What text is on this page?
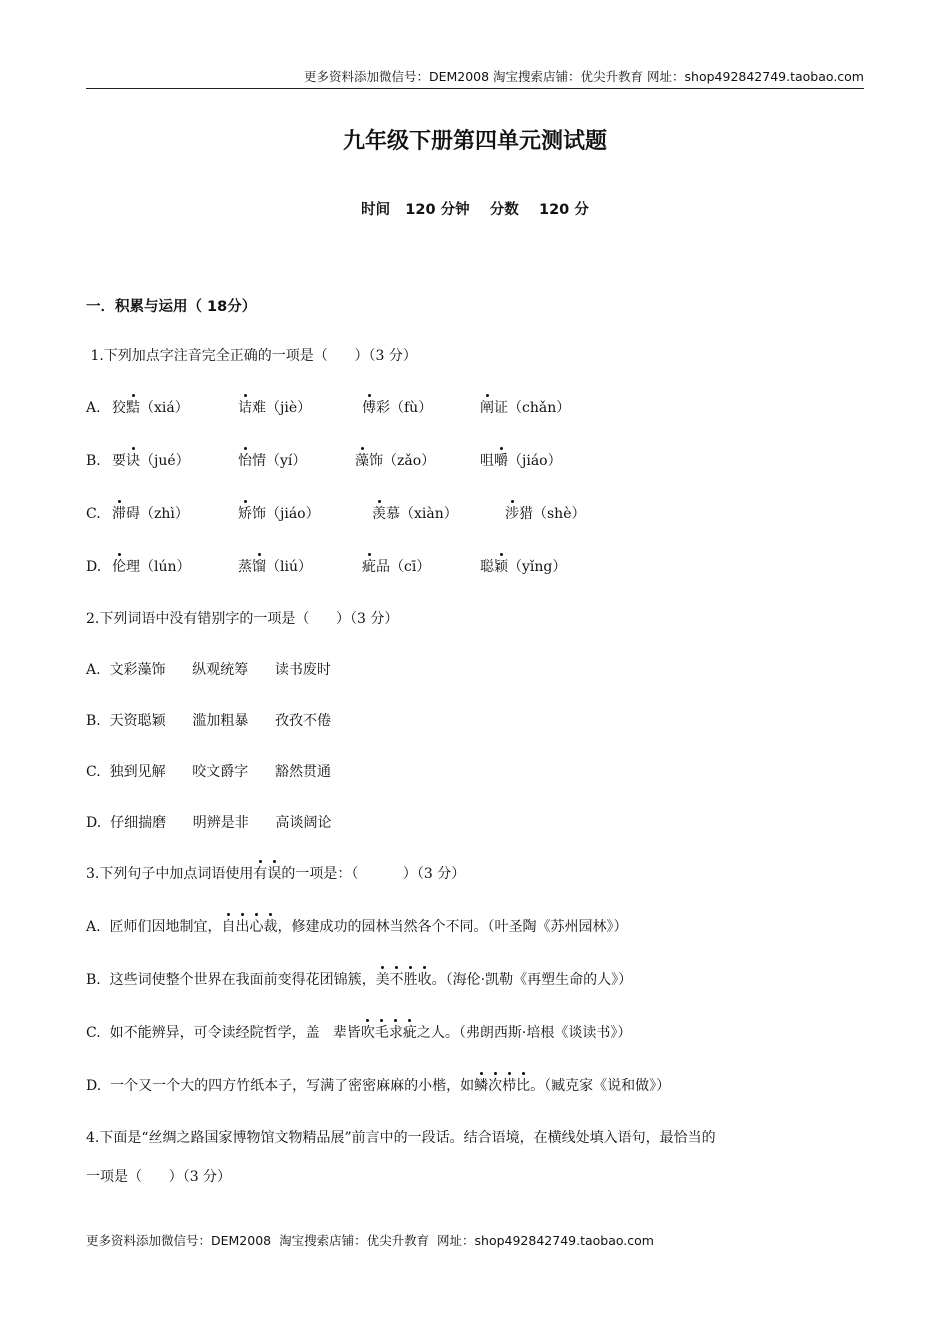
更多资料添加微信号：DEM2008 淘宝搜索店铺：优尖升教育 网址：shop492842749.taobao.com
九年级下册第四单元测试题
时间   120 分钟    分数    120 分
一．积累与运用（ 18分）
1.下列加点字注音完全正确的一项是（      ）（3 分）
A. 狡黠（xiá）	诘难（jiè）	傅彩（fù）	阐证（chǎn）
B. 要诀（jué）	怡情（yí）	藻饰（zǎo）	咀嚼（jiáo）
C. 滞碍（zhì）	矫饰（jiáo）	羡慕（xiàn）	涉猎（shè）
D. 伦理（lún）	蒸馏（liú）	疵品（cī）	聪颖（yǐng）
2.下列词语中没有错别字的一项是（      ）（3 分）
A.  文彩藻饰      纵观统筹      读书废时
B.  天资聪颖      滥加粗暴      孜孜不倦
C.  独到见解      咬文爵字      豁然贯通
D.  仔细揣磨      明辨是非      高谈阔论
3.下列句子中加点词语使用有误的一项是：（          ）（3 分）
A.  匠师们因地制宜，自出心裁，修建成功的园林当然各个不同。（叶圣陶《苏州园林》）
B.  这些词使整个世界在我面前变得花团锦簇，美不胜收。（海伦·凯勒《再塑生命的人》）
C.  如不能辨异，可令读经院哲学，盖   辈皆吹毛求疵之人。（弗朗西斯·培根《谈读书》）
D.  一个又一个大的四方竹纸本子，写满了密密麻麻的小楷，如鳞次栉比。（臧克家《说和做》）
4.下面是“丝绸之路国家博物馆文物精品展”前言中的一段话。结合语境，在横线处填入语句，最恰当的
一项是（      ）（3 分）
更多资料添加微信号：DEM2008  淘宝搜索店铺：优尖升教育  网址：shop492842749.taobao.com
